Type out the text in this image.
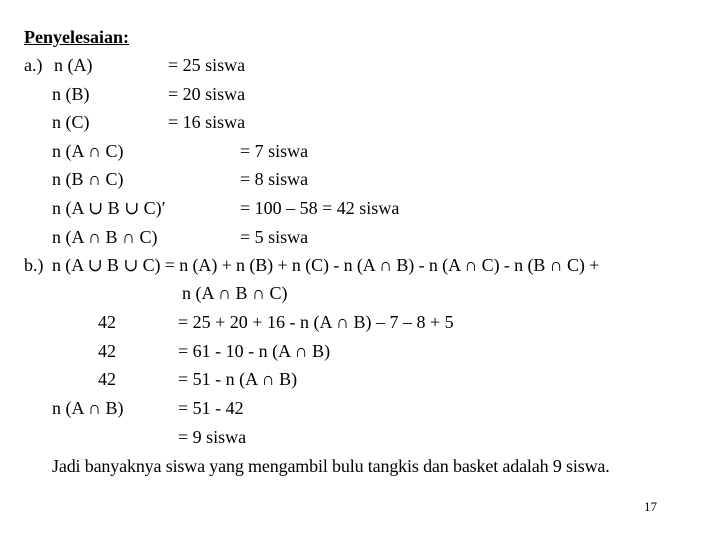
Penyelesaian:
a.) n (A)	= 25 siswa
n (B)	= 20 siswa
n (C)	= 16 siswa
n (A ∩ C)	= 7 siswa
n (B ∩ C)	= 8 siswa
n (A ∪ B ∪ C)′	= 100 – 58 = 42 siswa
n (A ∩ B ∩ C)	= 5 siswa
b.) n (A ∪ B ∪ C) = n (A) + n (B) + n (C) - n (A ∩ B) - n (A ∩ C) - n (B ∩ C) +
n (A ∩ B ∩ C)
42	= 25 + 20 + 16 - n (A ∩ B) – 7 – 8 + 5
42	= 61 - 10 - n (A ∩ B)
42	= 51 - n (A ∩ B)
n (A ∩ B)	= 51 - 42
= 9 siswa
Jadi banyaknya siswa yang mengambil bulu tangkis dan basket adalah 9 siswa.
17
